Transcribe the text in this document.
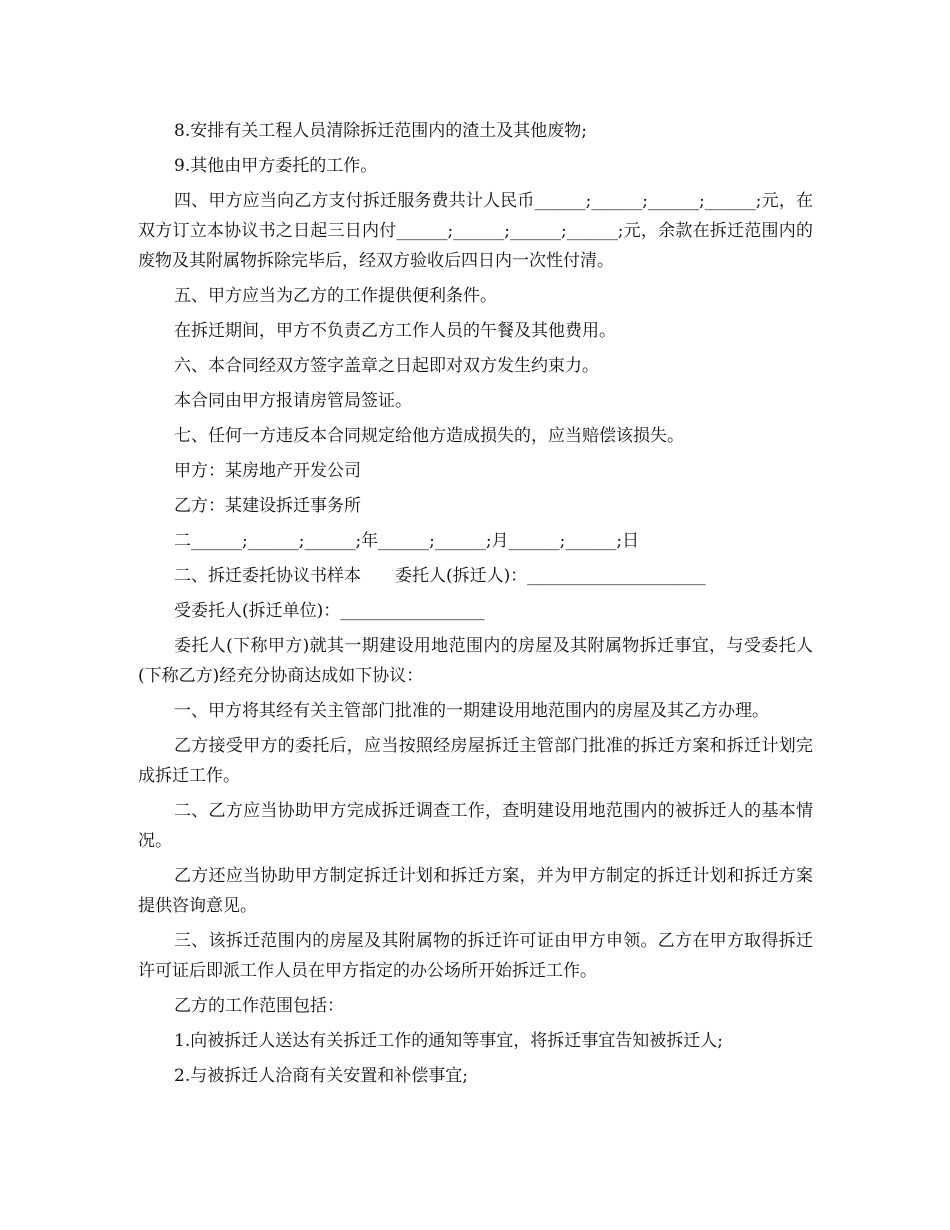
8.安排有关工程人员清除拆迁范围内的渣土及其他废物;

9.其他由甲方委托的工作。

四、甲方应当向乙方支付拆迁服务费共计人民币______;______;______;______;元，在双方订立本协议书之日起三日内付______;______;______;______;元，余款在拆迁范围内的废物及其附属物拆除完毕后，经双方验收后四日内一次性付清。

五、甲方应当为乙方的工作提供便利条件。

在拆迁期间，甲方不负责乙方工作人员的午餐及其他费用。

六、本合同经双方签字盖章之日起即对双方发生约束力。

本合同由甲方报请房管局签证。

七、任何一方违反本合同规定给他方造成损失的，应当赔偿该损失。

甲方：某房地产开发公司

乙方：某建设拆迁事务所

二______;______;______;年______;______;月______;______;日

二、拆迁委托协议书样本　　委托人(拆迁人)：_____________________

受委托人(拆迁单位)：_________________

委托人(下称甲方)就其一期建设用地范围内的房屋及其附属物拆迁事宜，与受委托人(下称乙方)经充分协商达成如下协议：

一、甲方将其经有关主管部门批准的一期建设用地范围内的房屋及其乙方办理。

乙方接受甲方的委托后，应当按照经房屋拆迁主管部门批准的拆迁方案和拆迁计划完成拆迁工作。

二、乙方应当协助甲方完成拆迁调查工作，查明建设用地范围内的被拆迁人的基本情况。

乙方还应当协助甲方制定拆迁计划和拆迁方案，并为甲方制定的拆迁计划和拆迁方案提供咨询意见。

三、该拆迁范围内的房屋及其附属物的拆迁许可证由甲方申领。乙方在甲方取得拆迁许可证后即派工作人员在甲方指定的办公场所开始拆迁工作。

乙方的工作范围包括：

1.向被拆迁人送达有关拆迁工作的通知等事宜，将拆迁事宜告知被拆迁人;

2.与被拆迁人洽商有关安置和补偿事宜;
